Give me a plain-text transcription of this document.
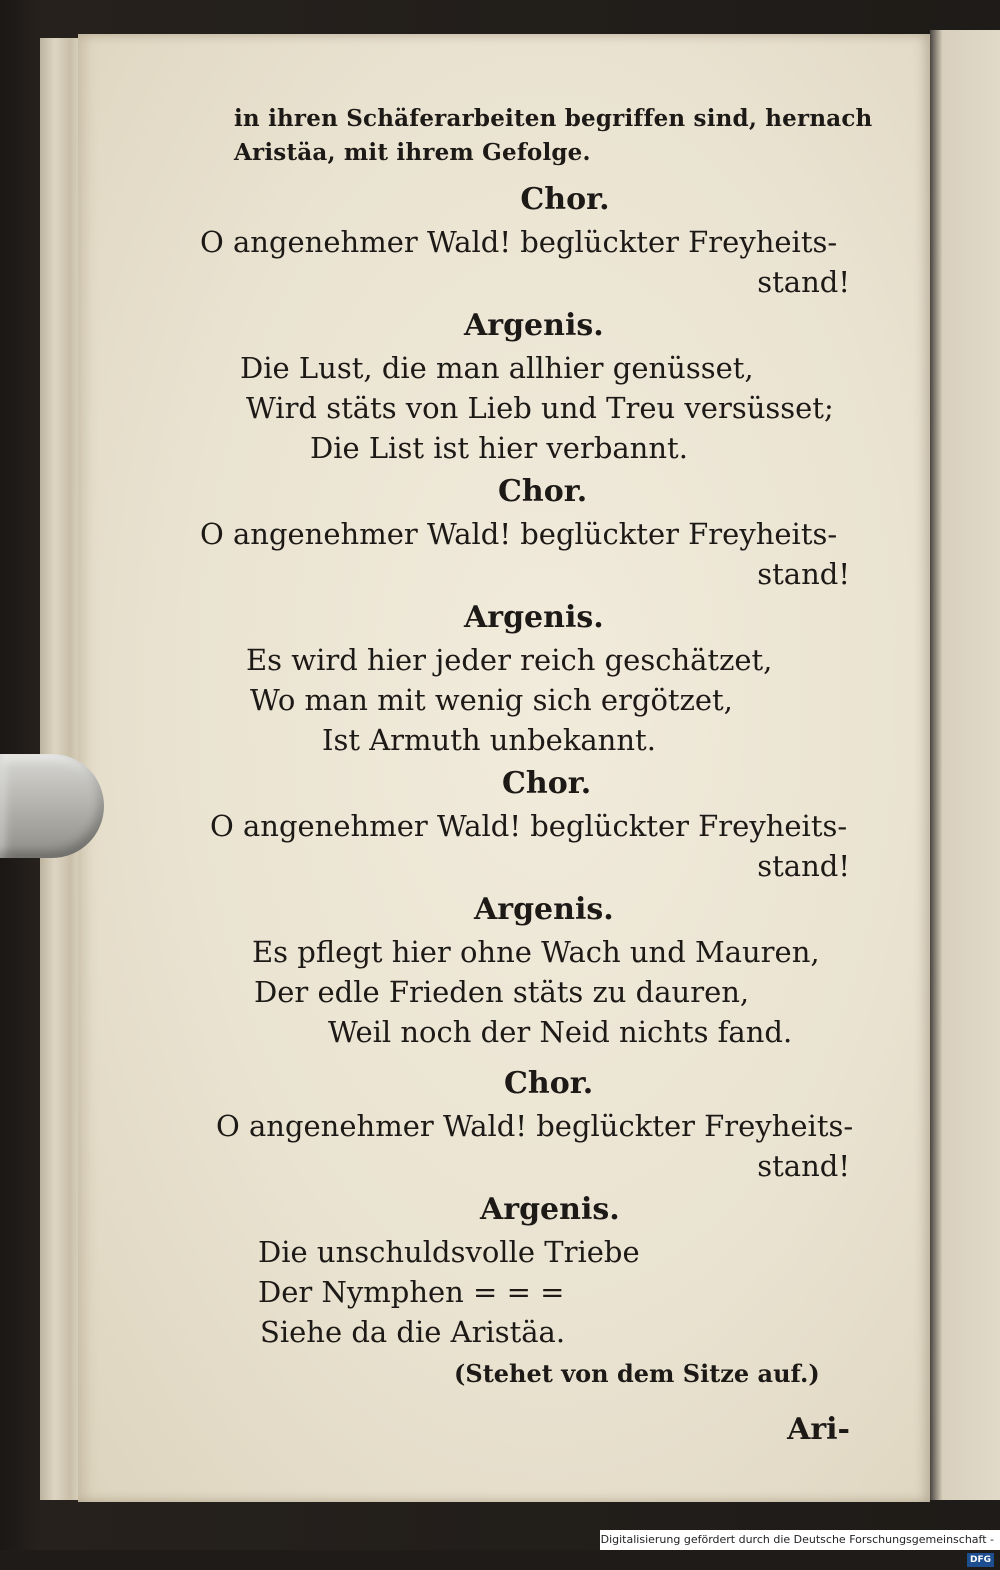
in ihren Schäferarbeiten begriffen sind, hernach Aristäa, mit ihrem Gefolge.

Chor.

O angenehmer Wald! beglückter Freyheits-

stand!

Argenis.

Die Lust, die man allhier genüsset,

Wird stäts von Lieb und Treu versüsset;

Die List ist hier verbannt.

Chor.

O angenehmer Wald! beglückter Freyheits-

stand!

Argenis.

Es wird hier jeder reich geschätzet,

Wo man mit wenig sich ergötzet,

Ist Armuth unbekannt.

Chor.

O angenehmer Wald! beglückter Freyheits-

stand!

Argenis.

Es pflegt hier ohne Wach und Mauren,

Der edle Frieden stäts zu dauren,

Weil noch der Neid nichts fand.

Chor.

O angenehmer Wald! beglückter Freyheits-

stand!

Argenis.

Die unschuldsvolle Triebe

Der Nymphen = = =

Siehe da die Aristäa.

(Stehet von dem Sitze auf.)

Ari-

Digitalisierung gefördert durch die Deutsche Forschungsgemeinschaft -DFG
